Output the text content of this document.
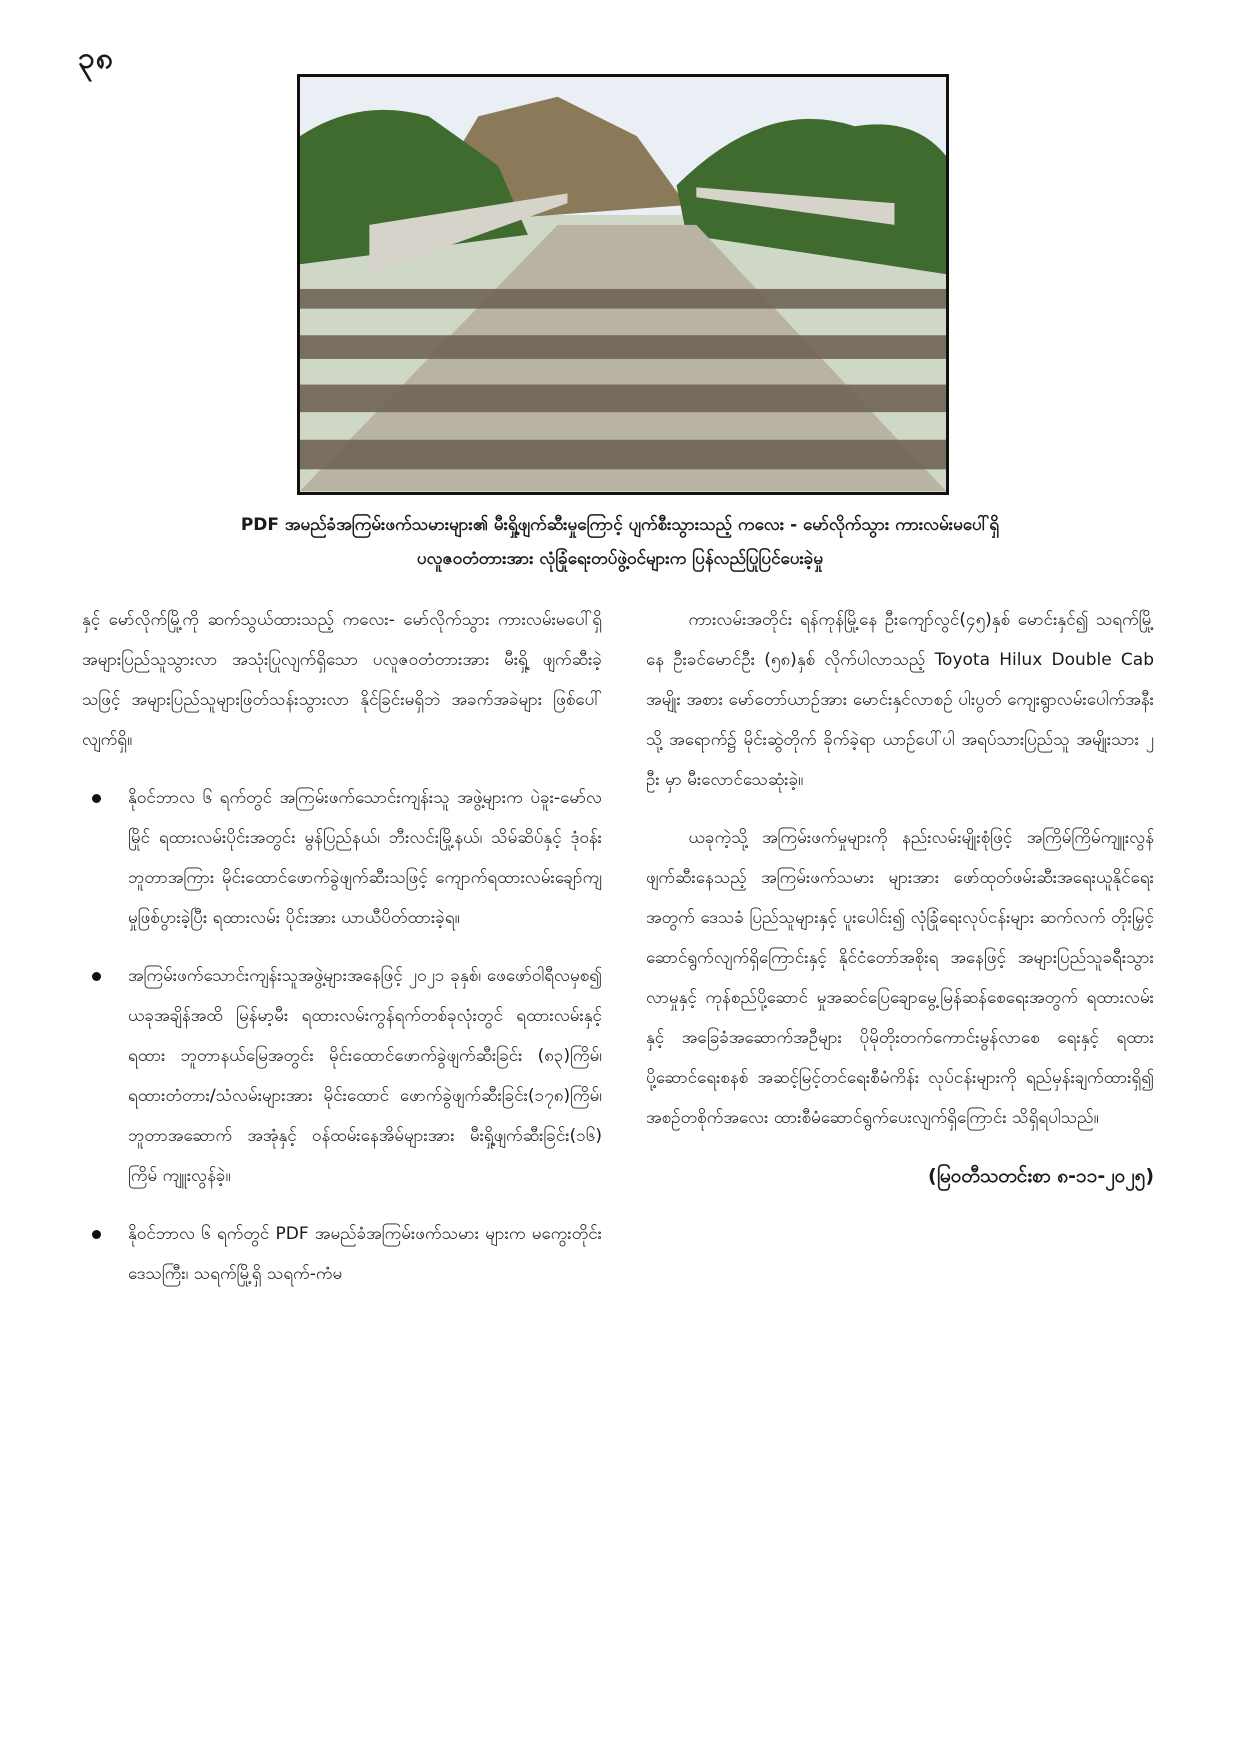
၃၈

PDF အမည်ခံအကြမ်းဖက်သမားများ၏ မီးရှို့ဖျက်ဆီးမှုကြောင့် ပျက်စီးသွားသည့် ကလေး - မော်လိုက်သွား ကားလမ်းမပေါ်ရှိ

ပလူဇဝတံတားအား လုံခြုံရေးတပ်ဖွဲ့ဝင်များက ပြန်လည်ပြုပြင်ပေးခဲ့မှု

နှင့် မော်လိုက်မြို့ကို ဆက်သွယ်ထားသည့် ကလေး- မော်လိုက်သွား ကားလမ်းမပေါ်ရှိ အများပြည်သူသွားလာ အသုံးပြုလျက်ရှိသော ပလူဇဝတံတားအား မီးရှို့ ဖျက်ဆီးခဲ့သဖြင့် အများပြည်သူများဖြတ်သန်းသွားလာ နိုင်ခြင်းမရှိဘဲ အခက်အခဲများ ဖြစ်ပေါ်လျက်ရှိ။

နိုဝင်ဘာလ ၆ ရက်တွင် အကြမ်းဖက်သောင်းကျန်းသူ အဖွဲ့များက ပဲခူး-မော်လမြိုင် ရထားလမ်းပိုင်းအတွင်း မွန်ပြည်နယ်၊ ဘီးလင်းမြို့နယ်၊ သိမ်ဆိပ်နှင့် ဒုံဝန်း ဘူတာအကြား မိုင်းထောင်ဖောက်ခွဲဖျက်ဆီးသဖြင့် ကျောက်ရထားလမ်းချော်ကျမှုဖြစ်ပွားခဲ့ပြီး ရထားလမ်း ပိုင်းအား ယာယီပိတ်ထားခဲ့ရ။
အကြမ်းဖက်သောင်းကျန်းသူအဖွဲ့များအနေဖြင့် ၂၀၂၁ ခုနှစ်၊ ဖေဖော်ဝါရီလမှစ၍ ယခုအချိန်အထိ မြန်မာ့မီး ရထားလမ်းကွန်ရက်တစ်ခုလုံးတွင် ရထားလမ်းနှင့် ရထား ဘူတာနယ်မြေအတွင်း မိုင်းထောင်ဖောက်ခွဲဖျက်ဆီးခြင်း (၈၃)ကြိမ်၊ ရထားတံတား/သံလမ်းများအား မိုင်းထောင် ဖောက်ခွဲဖျက်ဆီးခြင်း(၁၇၈)ကြိမ်၊ ဘူတာအဆောက် အအုံနှင့် ဝန်ထမ်းနေအိမ်များအား မီးရှို့ဖျက်ဆီးခြင်း(၁၆) ကြိမ် ကျူးလွန်ခဲ့။
နိုဝင်ဘာလ ၆ ရက်တွင် PDF အမည်ခံအကြမ်းဖက်သမား များက မကွေးတိုင်းဒေသကြီး၊ သရက်မြို့ရှိ သရက်-ကံမ

ကားလမ်းအတိုင်း ရန်ကုန်မြို့နေ ဦးကျော်လွင်(၄၅)နှစ် မောင်းနှင်၍ သရက်မြို့နေ ဦးခင်မောင်ဦး (၅၈)နှစ် လိုက်ပါလာသည့် Toyota Hilux Double Cab အမျိုး အစား မော်တော်ယာဉ်အား မောင်းနှင်လာစဉ် ပါးပွတ် ကျေးရွာလမ်းပေါက်အနီးသို့ အရောက်၌ မိုင်းဆွဲတိုက် ခိုက်ခဲ့ရာ ယာဉ်ပေါ်ပါ အရပ်သားပြည်သူ အမျိုးသား ၂ ဦး မှာ မီးလောင်သေဆုံးခဲ့။

ယခုကဲ့သို့ အကြမ်းဖက်မှုများကို နည်းလမ်းမျိုးစုံဖြင့် အကြိမ်ကြိမ်ကျူးလွန်ဖျက်ဆီးနေသည့် အကြမ်းဖက်သမား များအား ဖော်ထုတ်ဖမ်းဆီးအရေးယူနိုင်ရေးအတွက် ဒေသခံ ပြည်သူများနှင့် ပူးပေါင်း၍ လုံခြုံရေးလုပ်ငန်းများ ဆက်လက် တိုးမြှင့်ဆောင်ရွက်လျက်ရှိကြောင်းနှင့် နိုင်ငံတော်အစိုးရ အနေဖြင့် အများပြည်သူခရီးသွားလာမှုနှင့် ကုန်စည်ပို့ဆောင် မှုအဆင်ပြေချောမွေ့မြန်ဆန်စေရေးအတွက် ရထားလမ်းနှင့် အခြေခံအဆောက်အဦများ ပိုမိုတိုးတက်ကောင်းမွန်လာစေ ရေးနှင့် ရထားပို့ဆောင်ရေးစနစ် အဆင့်မြင့်တင်ရေးစီမံကိန်း လုပ်ငန်းများကို ရည်မှန်းချက်ထားရှိ၍ အစဉ်တစိုက်အလေး ထားစီမံဆောင်ရွက်ပေးလျက်ရှိကြောင်း သိရှိရပါသည်။

(မြဝတီသတင်းစာ ၈-၁၁-၂၀၂၅)
